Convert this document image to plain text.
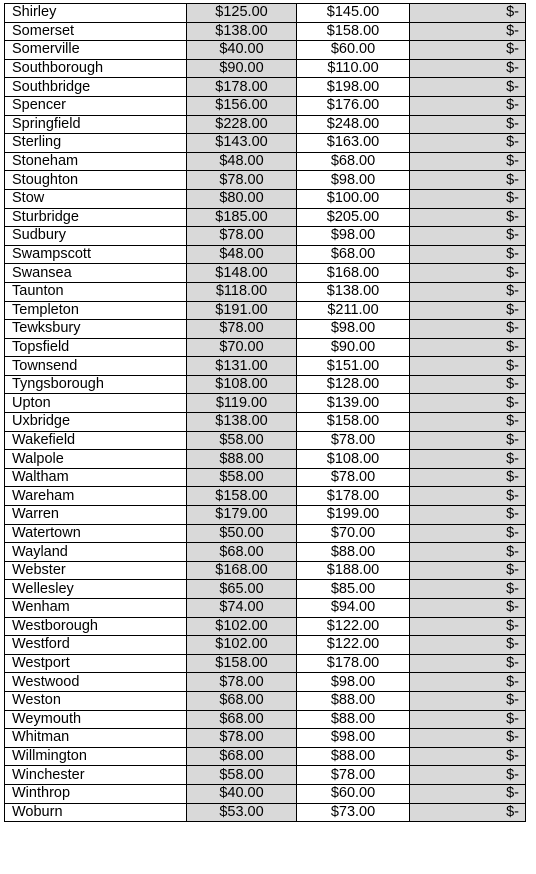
Shirley	$125.00	$145.00	$-
Somerset	$138.00	$158.00	$-
Somerville	$40.00	$60.00	$-
Southborough	$90.00	$110.00	$-
Southbridge	$178.00	$198.00	$-
Spencer	$156.00	$176.00	$-
Springfield	$228.00	$248.00	$-
Sterling	$143.00	$163.00	$-
Stoneham	$48.00	$68.00	$-
Stoughton	$78.00	$98.00	$-
Stow	$80.00	$100.00	$-
Sturbridge	$185.00	$205.00	$-
Sudbury	$78.00	$98.00	$-
Swampscott	$48.00	$68.00	$-
Swansea	$148.00	$168.00	$-
Taunton	$118.00	$138.00	$-
Templeton	$191.00	$211.00	$-
Tewksbury	$78.00	$98.00	$-
Topsfield	$70.00	$90.00	$-
Townsend	$131.00	$151.00	$-
Tyngsborough	$108.00	$128.00	$-
Upton	$119.00	$139.00	$-
Uxbridge	$138.00	$158.00	$-
Wakefield	$58.00	$78.00	$-
Walpole	$88.00	$108.00	$-
Waltham	$58.00	$78.00	$-
Wareham	$158.00	$178.00	$-
Warren	$179.00	$199.00	$-
Watertown	$50.00	$70.00	$-
Wayland	$68.00	$88.00	$-
Webster	$168.00	$188.00	$-
Wellesley	$65.00	$85.00	$-
Wenham	$74.00	$94.00	$-
Westborough	$102.00	$122.00	$-
Westford	$102.00	$122.00	$-
Westport	$158.00	$178.00	$-
Westwood	$78.00	$98.00	$-
Weston	$68.00	$88.00	$-
Weymouth	$68.00	$88.00	$-
Whitman	$78.00	$98.00	$-
Willmington	$68.00	$88.00	$-
Winchester	$58.00	$78.00	$-
Winthrop	$40.00	$60.00	$-
Woburn	$53.00	$73.00	$-
